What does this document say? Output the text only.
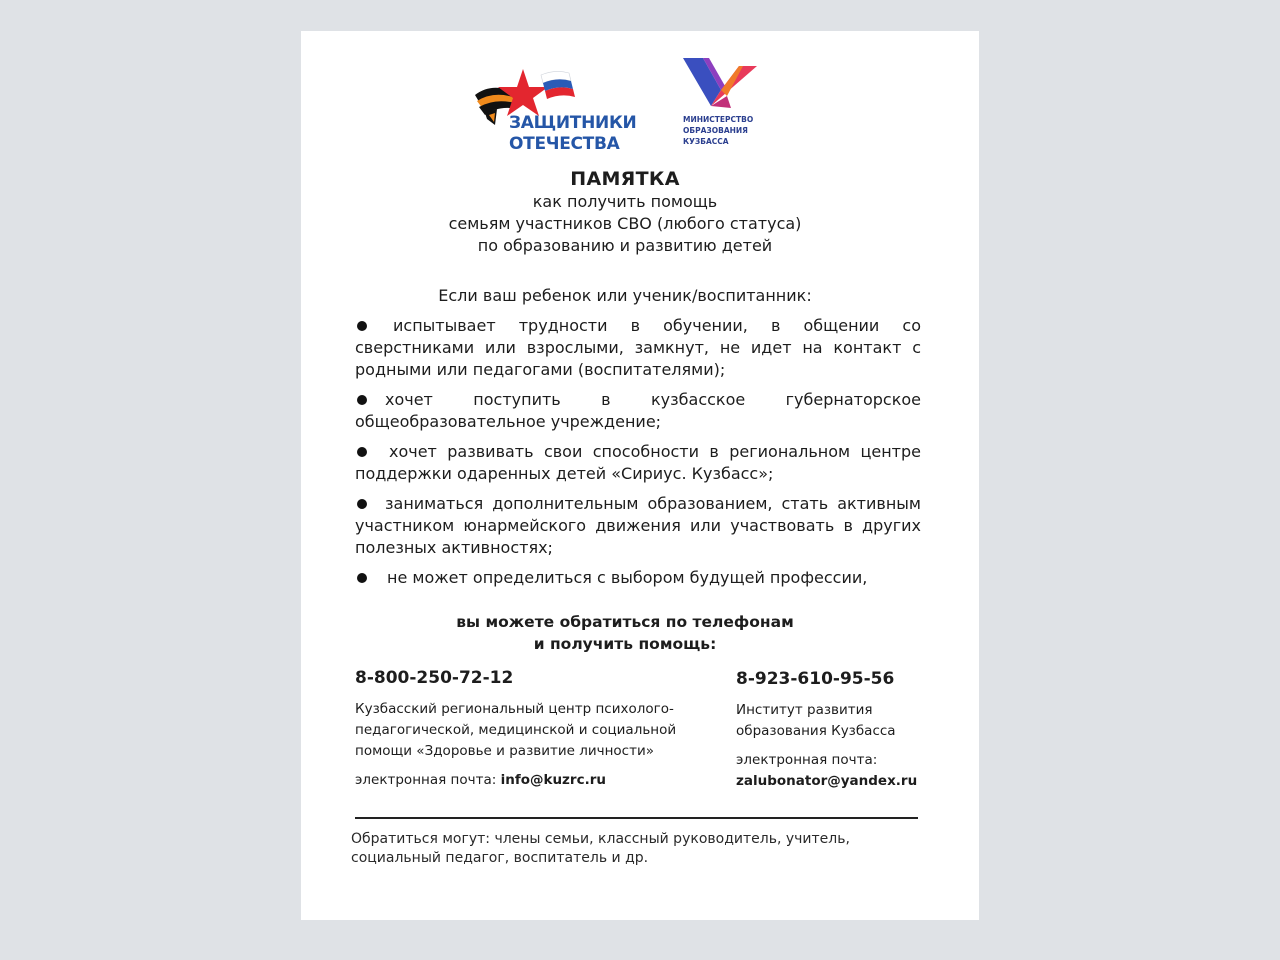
ЗАЩИТНИКИ
ОТЕЧЕСТВА
МИНИСТЕРСТВО
ОБРАЗОВАНИЯ
КУЗБАССА
ПАМЯТКА
как получить помощь
семьям участников СВО (любого статуса)
по образованию и развитию детей
Если ваш ребенок или ученик/воспитанник:
испытывает трудности в обучении, в общении со сверстниками или взрослыми, замкнут, не идет на контакт с родными или педагогами (воспитателями);
хочет поступить в кузбасское губернаторское общеобразовательное учреждение;
хочет развивать свои способности в региональном центре поддержки одаренных детей «Сириус. Кузбасс»;
заниматься дополнительным образованием, стать активным участником юнармейского движения или участвовать в других полезных активностях;
не может определиться с выбором будущей профессии,
вы можете обратиться по телефонам
и получить помощь:
8-800-250-72-12
Кузбасский региональный центр психолого-педагогической, медицинской и социальной помощи «Здоровье и развитие личности»
электронная почта: info@kuzrc.ru
8-923-610-95-56
Институт развития образования Кузбасса
электронная почта:
zalubonator@yandex.ru
Обратиться могут: члены семьи, классный руководитель, учитель, социальный педагог, воспитатель и др.
